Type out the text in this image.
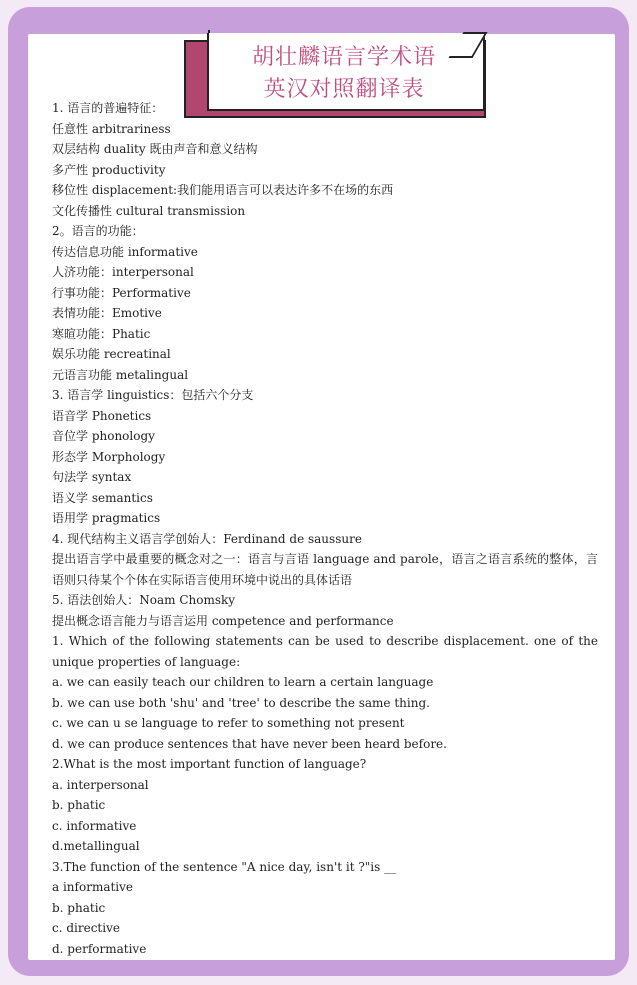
胡壮麟语言学术语
英汉对照翻译表
1. 语言的普遍特征：
任意性 arbitrariness
双层结构 duality 既由声音和意义结构
多产性 productivity
移位性 displacement:我们能用语言可以表达许多不在场的东西
文化传播性 cultural transmission
2。语言的功能：
传达信息功能 informative
人济功能：interpersonal
行事功能：Performative
表情功能：Emotive
寒暄功能：Phatic
娱乐功能 recreatinal
元语言功能 metalingual
3. 语言学 linguistics：包括六个分支
语音学 Phonetics
音位学 phonology
形态学 Morphology
句法学 syntax
语义学 semantics
语用学 pragmatics
4. 现代结构主义语言学创始人：Ferdinand de saussure
提出语言学中最重要的概念对之一：语言与言语 language and parole，语言之语言系统的整体，言语则只待某个个体在实际语言使用环境中说出的具体话语
5. 语法创始人：Noam Chomsky
提出概念语言能力与语言运用 competence and performance
1. Which of the following statements can be used to describe displacement. one of the unique properties of language:
a. we can easily teach our children to learn a certain language
b. we can use both 'shu' and 'tree' to describe the same thing.
c. we can u se language to refer to something not present
d. we can produce sentences that have never been heard before.
2.What is the most important function of language?
a. interpersonal
b. phatic
c. informative
d.metallingual
3.The function of the sentence "A nice day, isn't it ?"is __
a informative
b. phatic
c. directive
d. performative
